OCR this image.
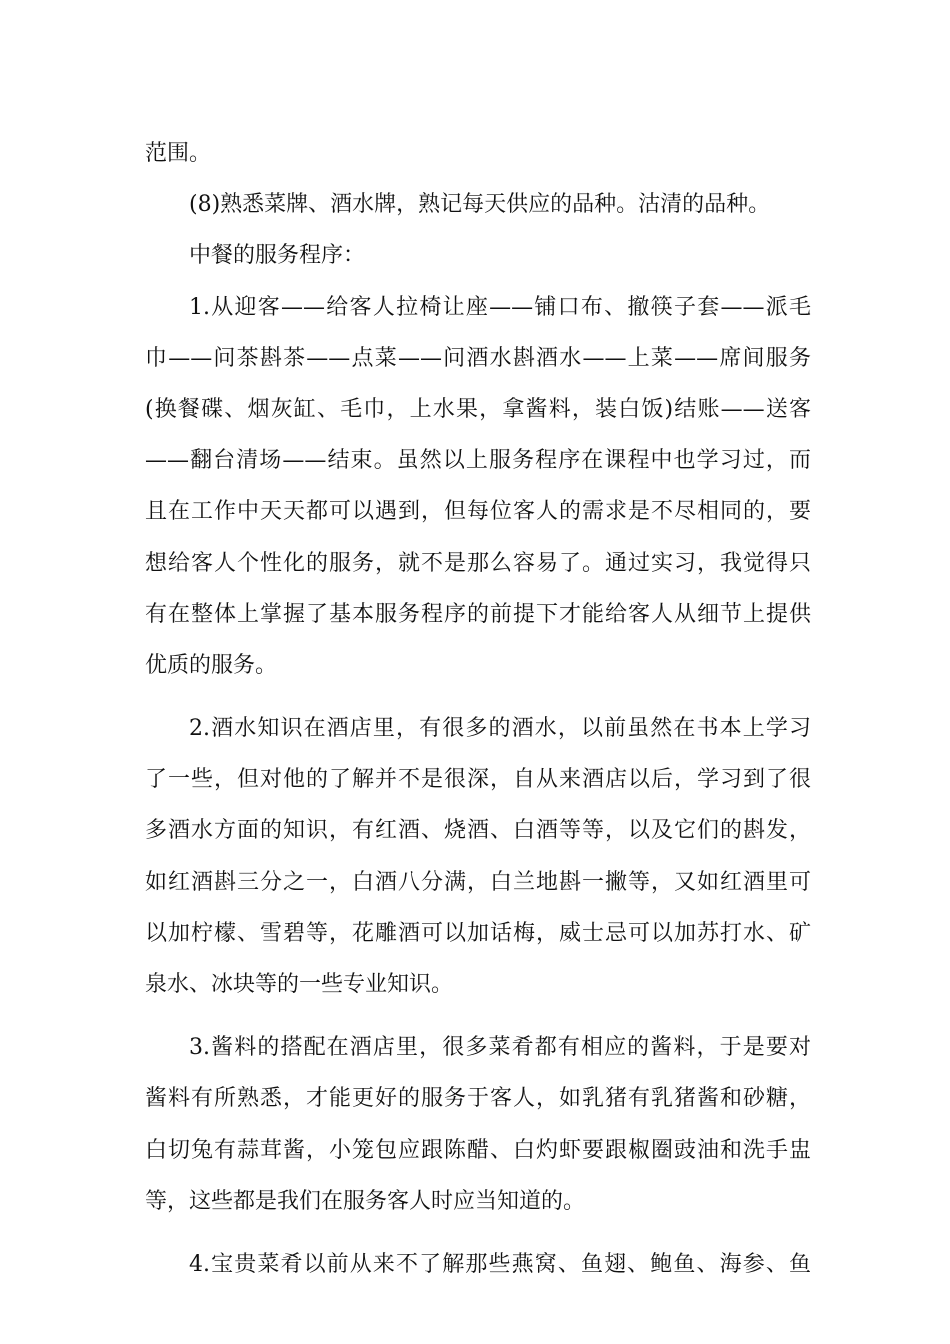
范围。
(8)熟悉菜牌、酒水牌，熟记每天供应的品种。沽清的品种。
中餐的服务程序：
1.从迎客——给客人拉椅让座——铺口布、撤筷子套——派毛
巾——问茶斟茶——点菜——问酒水斟酒水——上菜——席间服务
(换餐碟、烟灰缸、毛巾，上水果，拿酱料，装白饭)结账——送客
——翻台清场——结束。虽然以上服务程序在课程中也学习过，而
且在工作中天天都可以遇到，但每位客人的需求是不尽相同的，要
想给客人个性化的服务，就不是那么容易了。通过实习，我觉得只
有在整体上掌握了基本服务程序的前提下才能给客人从细节上提供
优质的服务。
2.酒水知识在酒店里，有很多的酒水，以前虽然在书本上学习
了一些，但对他的了解并不是很深，自从来酒店以后，学习到了很
多酒水方面的知识，有红酒、烧酒、白酒等等，以及它们的斟发，
如红酒斟三分之一，白酒八分满，白兰地斟一撇等，又如红酒里可
以加柠檬、雪碧等，花雕酒可以加话梅，威士忌可以加苏打水、矿
泉水、冰块等的一些专业知识。
3.酱料的搭配在酒店里，很多菜肴都有相应的酱料，于是要对
酱料有所熟悉，才能更好的服务于客人，如乳猪有乳猪酱和砂糖，
白切兔有蒜茸酱，小笼包应跟陈醋、白灼虾要跟椒圈豉油和洗手盅
等，这些都是我们在服务客人时应当知道的。
4.宝贵菜肴以前从来不了解那些燕窝、鱼翅、鲍鱼、海参、鱼
